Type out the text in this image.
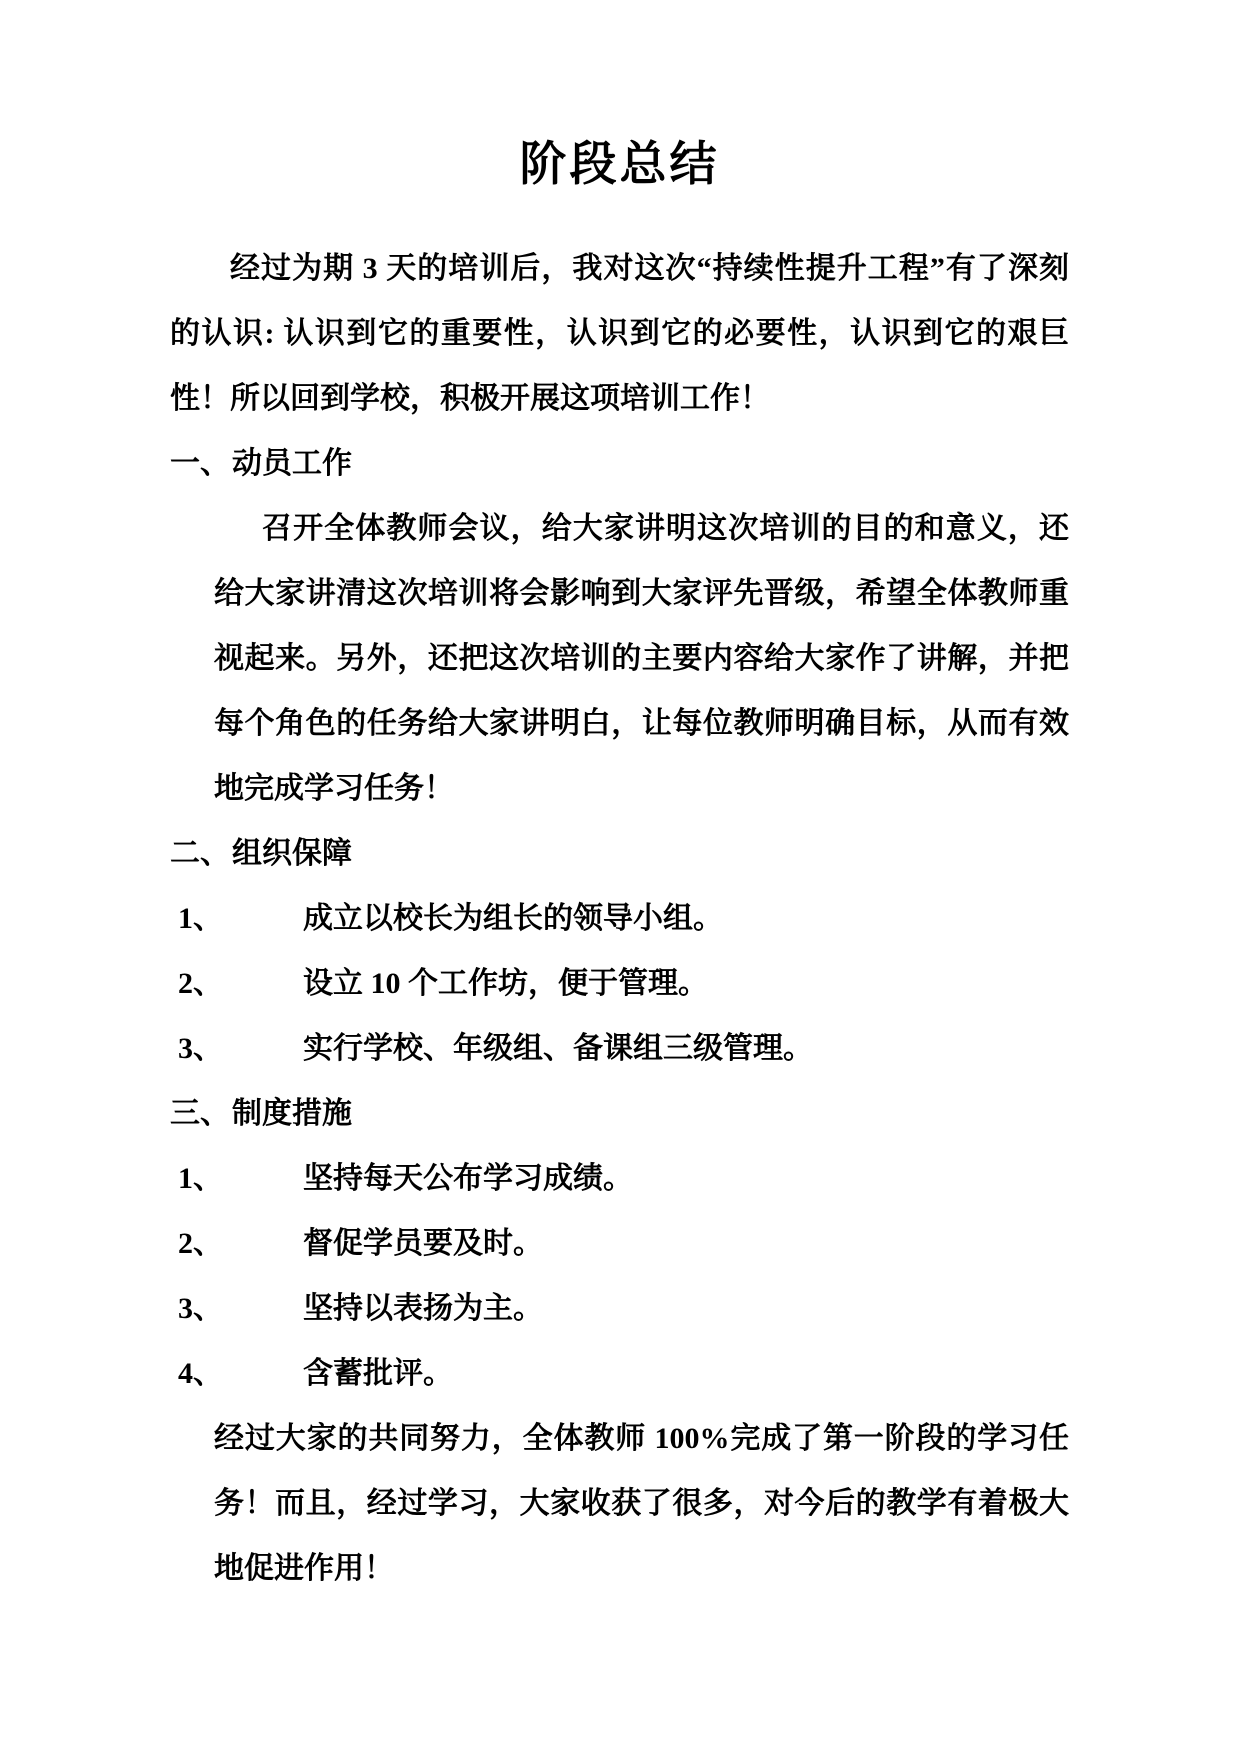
阶段总结

经过为期 3 天的培训后，我对这次“持续性提升工程”有了深刻的认识: 认识到它的重要性，认识到它的必要性，认识到它的艰巨性！所以回到学校，积极开展这项培训工作！

一、 动员工作

召开全体教师会议，给大家讲明这次培训的目的和意义，还给大家讲清这次培训将会影响到大家评先晋级，希望全体教师重视起来。另外，还把这次培训的主要内容给大家作了讲解，并把每个角色的任务给大家讲明白，让每位教师明确目标，从而有效地完成学习任务！

二、 组织保障
1、	成立以校长为组长的领导小组。
2、	设立 10 个工作坊，便于管理。
3、	实行学校、年级组、备课组三级管理。
三、 制度措施
1、	坚持每天公布学习成绩。
2、	督促学员要及时。
3、	坚持以表扬为主。
4、	含蓄批评。

经过大家的共同努力，全体教师 100%完成了第一阶段的学习任务！而且，经过学习，大家收获了很多，对今后的教学有着极大地促进作用！
